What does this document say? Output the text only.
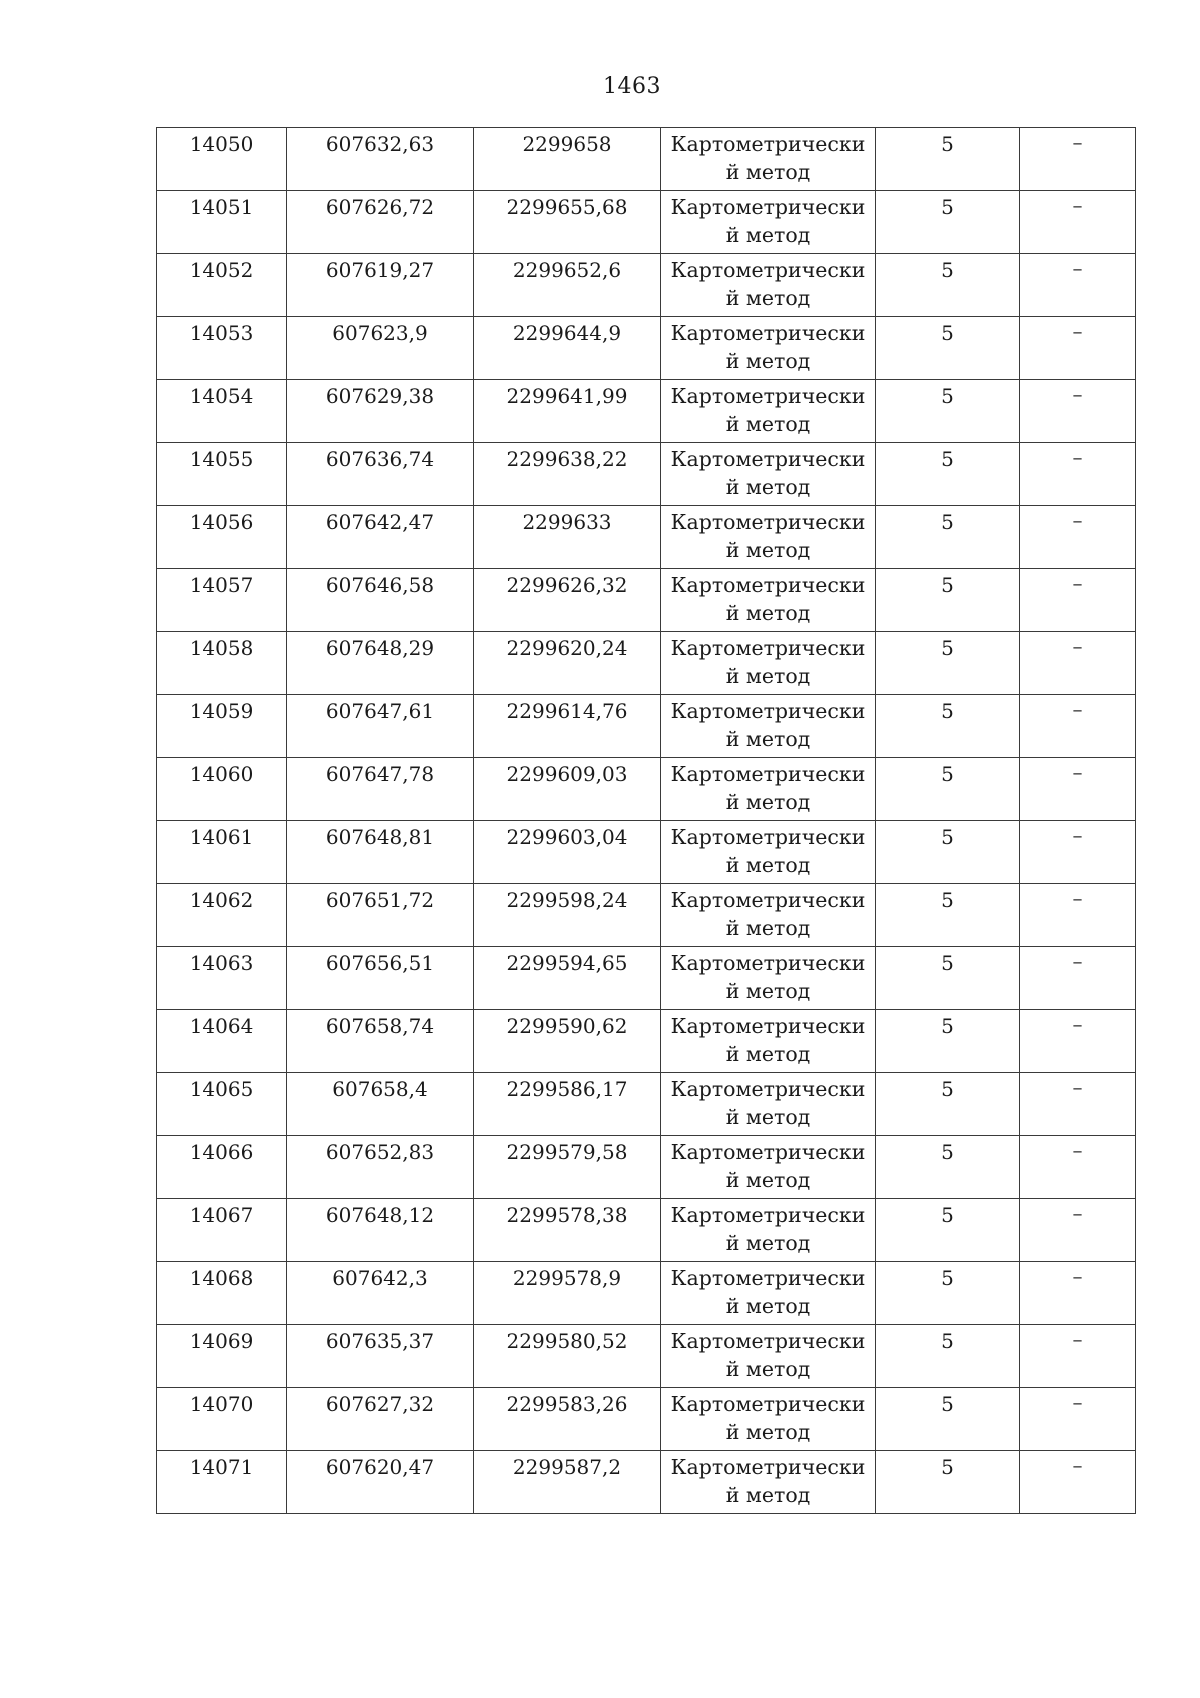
1463
14050	607632,63	2299658	Картометрически й метод	5	–

14051	607626,72	2299655,68	Картометрически й метод	5	–

14052	607619,27	2299652,6	Картометрически й метод	5	–

14053	607623,9	2299644,9	Картометрически й метод	5	–

14054	607629,38	2299641,99	Картометрически й метод	5	–

14055	607636,74	2299638,22	Картометрически й метод	5	–

14056	607642,47	2299633	Картометрически й метод	5	–

14057	607646,58	2299626,32	Картометрически й метод	5	–

14058	607648,29	2299620,24	Картометрически й метод	5	–

14059	607647,61	2299614,76	Картометрически й метод	5	–

14060	607647,78	2299609,03	Картометрически й метод	5	–

14061	607648,81	2299603,04	Картометрически й метод	5	–

14062	607651,72	2299598,24	Картометрически й метод	5	–

14063	607656,51	2299594,65	Картометрически й метод	5	–

14064	607658,74	2299590,62	Картометрически й метод	5	–

14065	607658,4	2299586,17	Картометрически й метод	5	–

14066	607652,83	2299579,58	Картометрически й метод	5	–

14067	607648,12	2299578,38	Картометрически й метод	5	–

14068	607642,3	2299578,9	Картометрически й метод	5	–

14069	607635,37	2299580,52	Картометрически й метод	5	–

14070	607627,32	2299583,26	Картометрически й метод	5	–

14071	607620,47	2299587,2	Картометрически й метод	5	–
